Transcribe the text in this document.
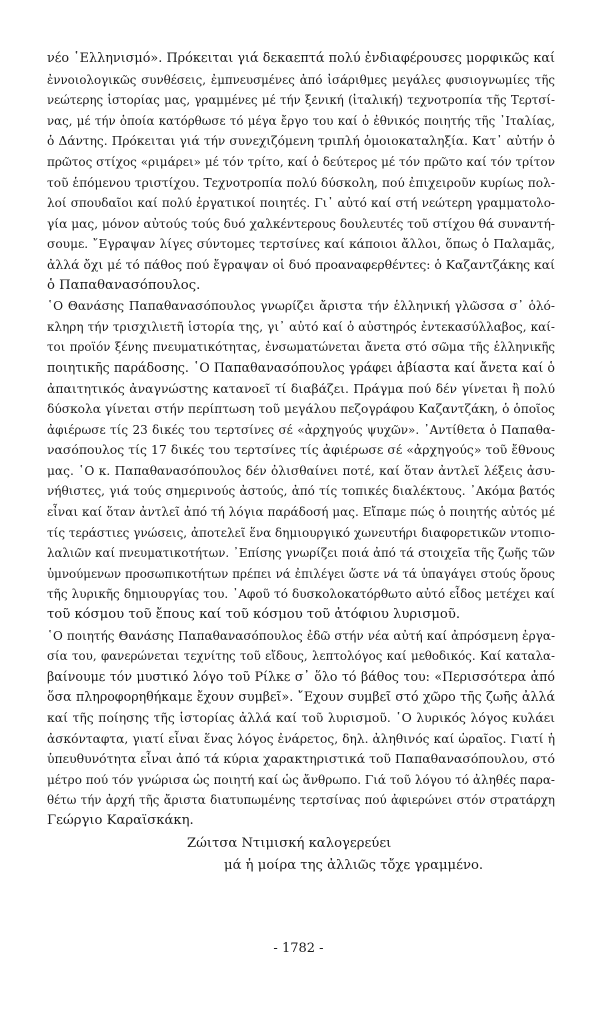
νέο ῾Ελληνισμό». Πρόκειται γιά δεκαεπτά πολύ ἐνδιαφέρουσες μορφικῶς καί
ἐννοιολογικῶς συνθέσεις, ἐμπνευσμένες ἀπό ἰσάριθμες μεγάλες φυσιογνωμίες τῆς
νεώτερης ἱστορίας μας, γραμμένες μέ τήν ξενική (ἰταλική) τεχνοτροπία τῆς Τερτσί-
νας, μέ τήν ὁποία κατόρθωσε τό μέγα ἔργο του καί ὁ ἐθνικός ποιητής τῆς ᾽Ιταλίας,
ὁ Δάντης. Πρόκειται γιά τήν συνεχιζόμενη τριπλή ὁμοιοκαταληξία. Κατ᾽ αὐτήν ὁ
πρῶτος στίχος «ριμάρει» μέ τόν τρίτο, καί ὁ δεύτερος μέ τόν πρῶτο καί τόν τρίτον
τοῦ ἑπόμενου τριστίχου. Τεχνοτροπία πολύ δύσκολη, πού ἐπιχειροῦν κυρίως πολ-
λοί σπουδαῖοι καί πολύ ἐργατικοί ποιητές. Γι᾽ αὐτό καί στή νεώτερη γραμματολο-
γία μας, μόνον αὐτούς τούς δυό χαλκέντερους δουλευτές τοῦ στίχου θά συναντή-
σουμε. ῎Εγραψαν λίγες σύντομες τερτσίνες καί κάποιοι ἄλλοι, ὅπως ὁ Παλαμᾶς,
ἀλλά ὄχι μέ τό πάθος πού ἔγραψαν οἱ δυό προαναφερθέντες: ὁ Καζαντζάκης καί
ὁ Παπαθανασόπουλος.
῾Ο Θανάσης Παπαθανασόπουλος γνωρίζει ἄριστα τήν ἑλληνική γλῶσσα σ᾽ ὁλό-
κληρη τήν τρισχιλιετῆ ἱστορία της, γι᾽ αὐτό καί ὁ αὐστηρός ἐντεκασύλλαβος, καί-
τοι προϊόν ξένης πνευματικότητας, ἐνσωματώνεται ἄνετα στό σῶμα τῆς ἑλληνικῆς
ποιητικῆς παράδοσης. ῾Ο Παπαθανασόπουλος γράφει ἀβίαστα καί ἄνετα καί ὁ
ἀπαιτητικός ἀναγνώστης κατανοεῖ τί διαβάζει. Πράγμα πού δέν γίνεται ἢ πολύ
δύσκολα γίνεται στήν περίπτωση τοῦ μεγάλου πεζογράφου Καζαντζάκη, ὁ ὁποῖος
ἀφιέρωσε τίς 23 δικές του τερτσίνες σέ «ἀρχηγούς ψυχῶν». ᾽Αντίθετα ὁ Παπαθα-
νασόπουλος τίς 17 δικές του τερτσίνες τίς ἀφιέρωσε σέ «ἀρχηγούς» τοῦ ἔθνους
μας. ῾Ο κ. Παπαθανασόπουλος δέν ὀλισθαίνει ποτέ, καί ὅταν ἀντλεῖ λέξεις ἀσυ-
νήθιστες, γιά τούς σημερινούς ἀστούς, ἀπό τίς τοπικές διαλέκτους. ᾽Ακόμα βατός
εἶναι καί ὅταν ἀντλεῖ ἀπό τή λόγια παράδοσή μας. Εἴπαμε πώς ὁ ποιητής αὐτός μέ
τίς τεράστιες γνώσεις, ἀποτελεῖ ἕνα δημιουργικό χωνευτήρι διαφορετικῶν ντοπιο-
λαλιῶν καί πνευματικοτήτων. ᾽Επίσης γνωρίζει ποιά ἀπό τά στοιχεῖα τῆς ζωῆς τῶν
ὑμνούμενων προσωπικοτήτων πρέπει νά ἐπιλέγει ὥστε νά τά ὑπαγάγει στούς ὅρους
τῆς λυρικῆς δημιουργίας του. ᾽Αφοῦ τό δυσκολοκατόρθωτο αὐτό εἶδος μετέχει καί
τοῦ κόσμου τοῦ ἔπους καί τοῦ κόσμου τοῦ ἀτόφιου λυρισμοῦ.
῾Ο ποιητής Θανάσης Παπαθανασόπουλος ἐδῶ στήν νέα αὐτή καί ἀπρόσμενη ἐργα-
σία του, φανερώνεται τεχνίτης τοῦ εἴδους, λεπτολόγος καί μεθοδικός. Καί καταλα-
βαίνουμε τόν μυστικό λόγο τοῦ Ρίλκε σ᾽ ὅλο τό βάθος του: «Περισσότερα ἀπό
ὅσα πληροφορηθήκαμε ἔχουν συμβεῖ». ῎Εχουν συμβεῖ στό χῶρο τῆς ζωῆς ἀλλά
καί τῆς ποίησης τῆς ἱστορίας ἀλλά καί τοῦ λυρισμοῦ. ῾Ο λυρικός λόγος κυλάει
ἀσκόνταφτα, γιατί εἶναι ἕνας λόγος ἐνάρετος, δηλ. ἀληθινός καί ὡραῖος. Γιατί ἡ
ὑπευθυνότητα εἶναι ἀπό τά κύρια χαρακτηριστικά τοῦ Παπαθανασόπουλου, στό
μέτρο πού τόν γνώρισα ὡς ποιητή καί ὡς ἄνθρωπο. Γιά τοῦ λόγου τό ἀληθές παρα-
θέτω τήν ἀρχή τῆς ἄριστα διατυπωμένης τερτσίνας πού ἀφιερώνει στόν στρατάρχη
Γεώργιο Καραϊσκάκη.
Ζώιτσα Ντιμισκή καλογερεύει
μά ἡ μοίρα της ἀλλιῶς τὄχε γραμμένο.
- 1782 -
